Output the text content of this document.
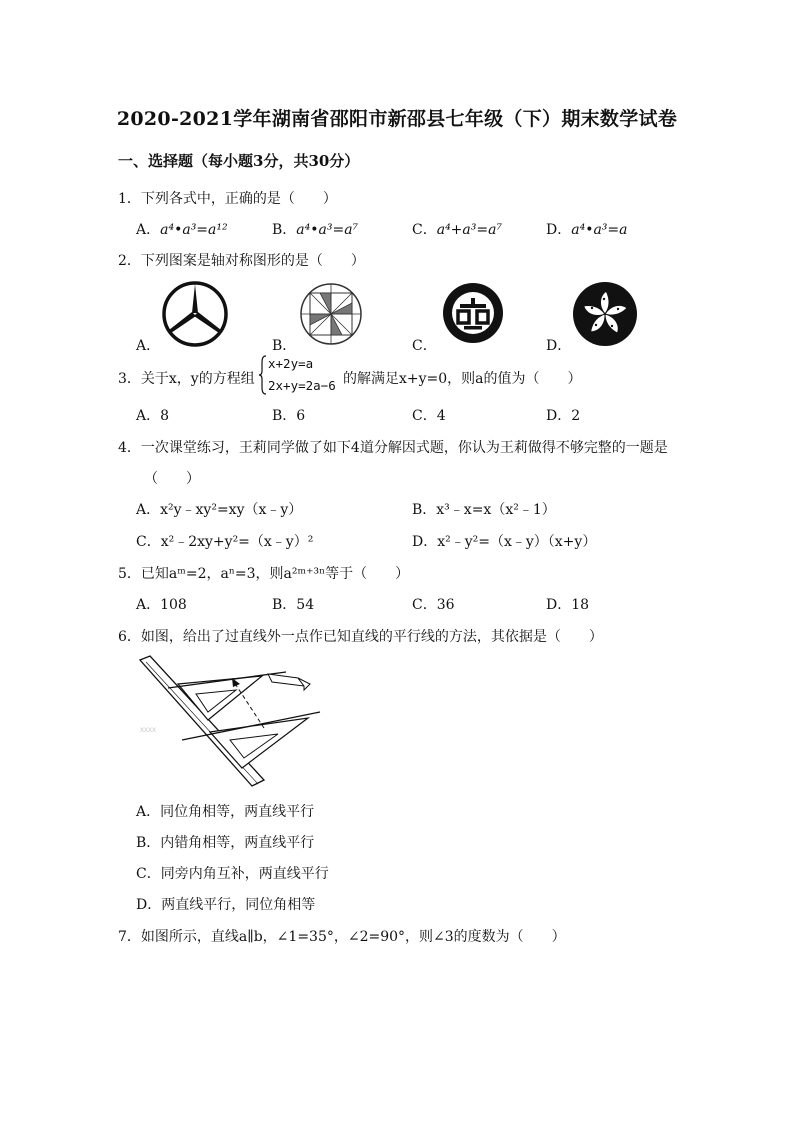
2020-2021学年湖南省邵阳市新邵县七年级（下）期末数学试卷
一、选择题（每小题3分，共30分）
1．下列各式中，正确的是（　　）
A．a⁴•a³=a¹²	B．a⁴•a³=a⁷	C．a⁴+a³=a⁷	D．a⁴•a³=a
2．下列图案是轴对称图形的是（　　）
A．	B．	C．	D．
3．关于x，y的方程组
x+2y=a
2x+y=2a−6 的解满足x+y=0，则a的值为（　　）
A．8	B．6	C．4	D．2
4．一次课堂练习，王莉同学做了如下4道分解因式题，你认为王莉做得不够完整的一题是
（　　）
A．x²y﹣xy²=xy（x﹣y）	B．x³﹣x=x（x²﹣1）
C．x²﹣2xy+y²=（x﹣y）²	D．x²﹣y²=（x﹣y）（x+y）
5．已知aᵐ=2，aⁿ=3，则a²ᵐ⁺³ⁿ等于（　　）
A．108	B．54	C．36	D．18
6．如图，给出了过直线外一点作已知直线的平行线的方法，其依据是（　　）
xxxx
A．同位角相等，两直线平行
B．内错角相等，两直线平行
C．同旁内角互补，两直线平行
D．两直线平行，同位角相等
7．如图所示，直线a∥b，∠1=35°，∠2=90°，则∠3的度数为（　　）
